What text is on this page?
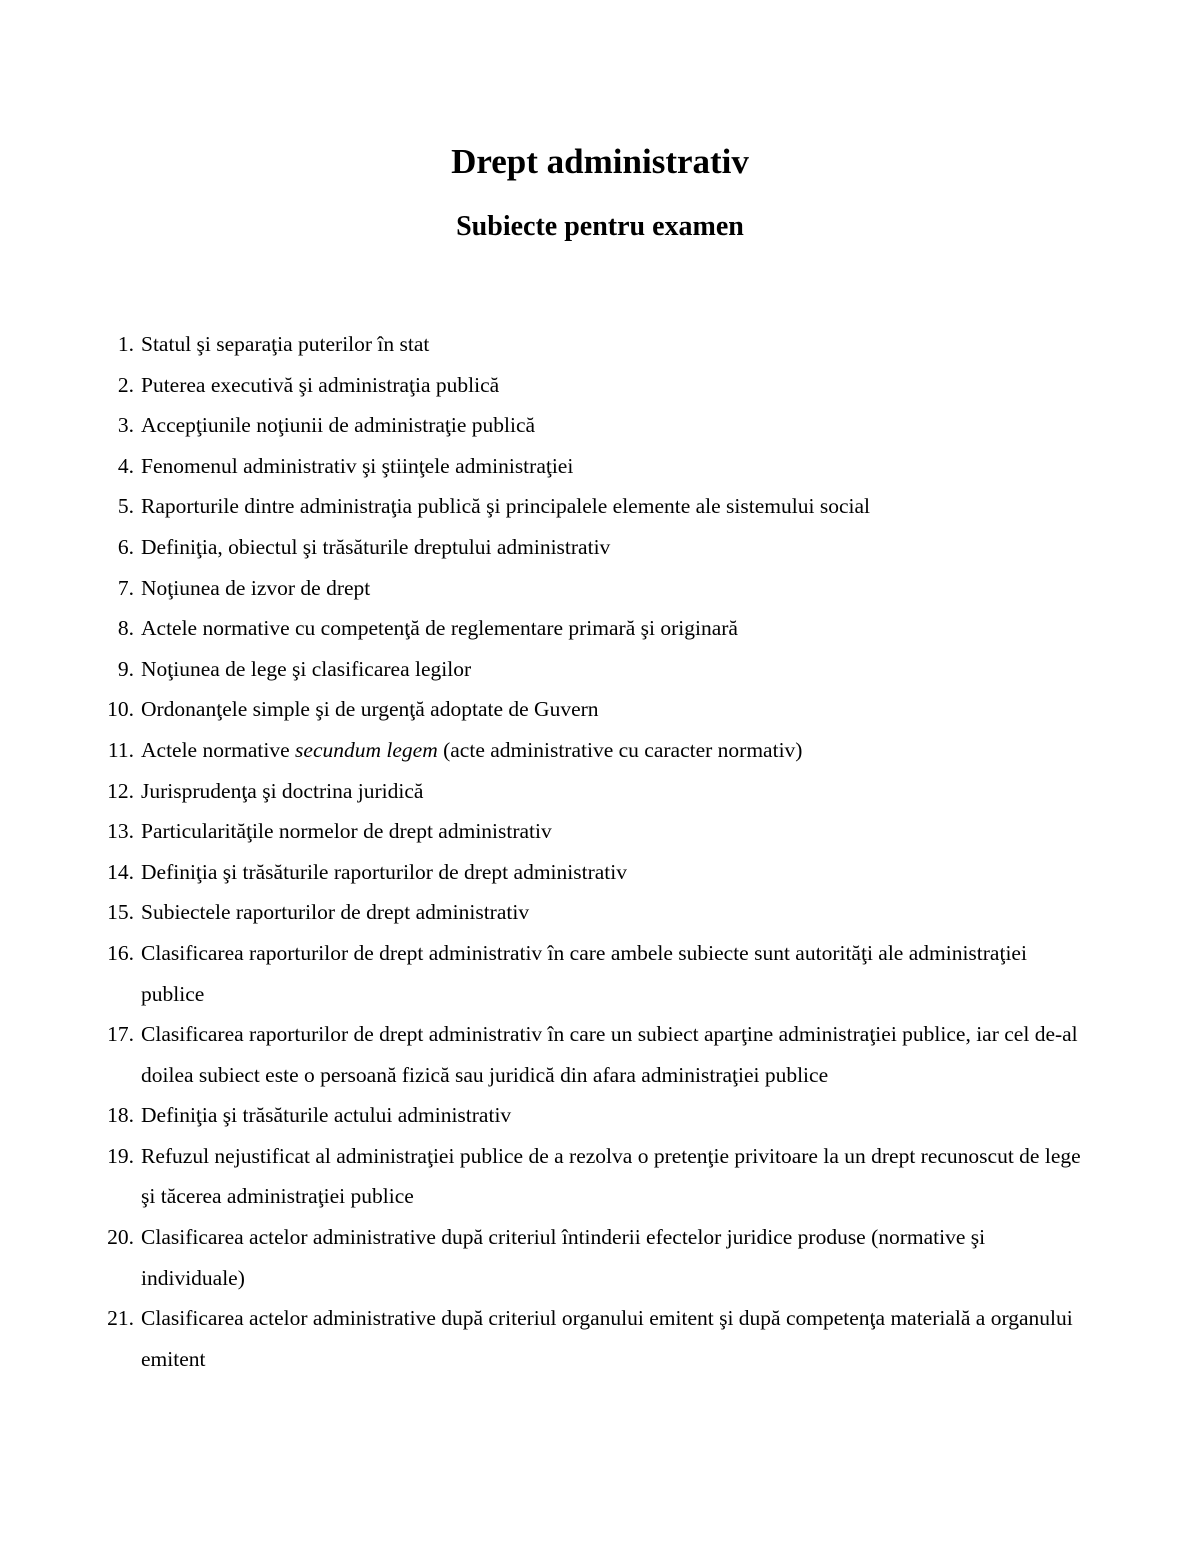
Drept administrativ
Subiecte pentru examen
1. Statul şi separaţia puterilor în stat
2. Puterea executivă şi administraţia publică
3. Accepţiunile noţiunii de administraţie publică
4. Fenomenul administrativ şi ştiinţele administraţiei
5. Raporturile dintre administraţia publică şi principalele elemente ale sistemului social
6. Definiţia, obiectul şi trăsăturile dreptului administrativ
7. Noţiunea de izvor de drept
8. Actele normative cu competenţă de reglementare primară şi originară
9. Noţiunea de lege şi clasificarea legilor
10. Ordonanţele simple şi de urgenţă adoptate de Guvern
11. Actele normative secundum legem (acte administrative cu caracter normativ)
12. Jurisprudenţa şi doctrina juridică
13. Particularităţile normelor de drept administrativ
14. Definiţia şi trăsăturile raporturilor de drept administrativ
15. Subiectele raporturilor de drept administrativ
16. Clasificarea raporturilor de drept administrativ în care ambele subiecte sunt autorităţi ale administraţiei publice
17. Clasificarea raporturilor de drept administrativ în care un subiect aparţine administraţiei publice, iar cel de-al doilea subiect este o persoană fizică sau juridică din afara administraţiei publice
18. Definiţia şi trăsăturile actului administrativ
19. Refuzul nejustificat al administraţiei publice de a rezolva o pretenţie privitoare la un drept recunoscut de lege şi tăcerea administraţiei publice
20. Clasificarea actelor administrative după criteriul întinderii efectelor juridice produse (normative şi individuale)
21. Clasificarea actelor administrative după criteriul organului emitent şi după competenţa materială a organului emitent
